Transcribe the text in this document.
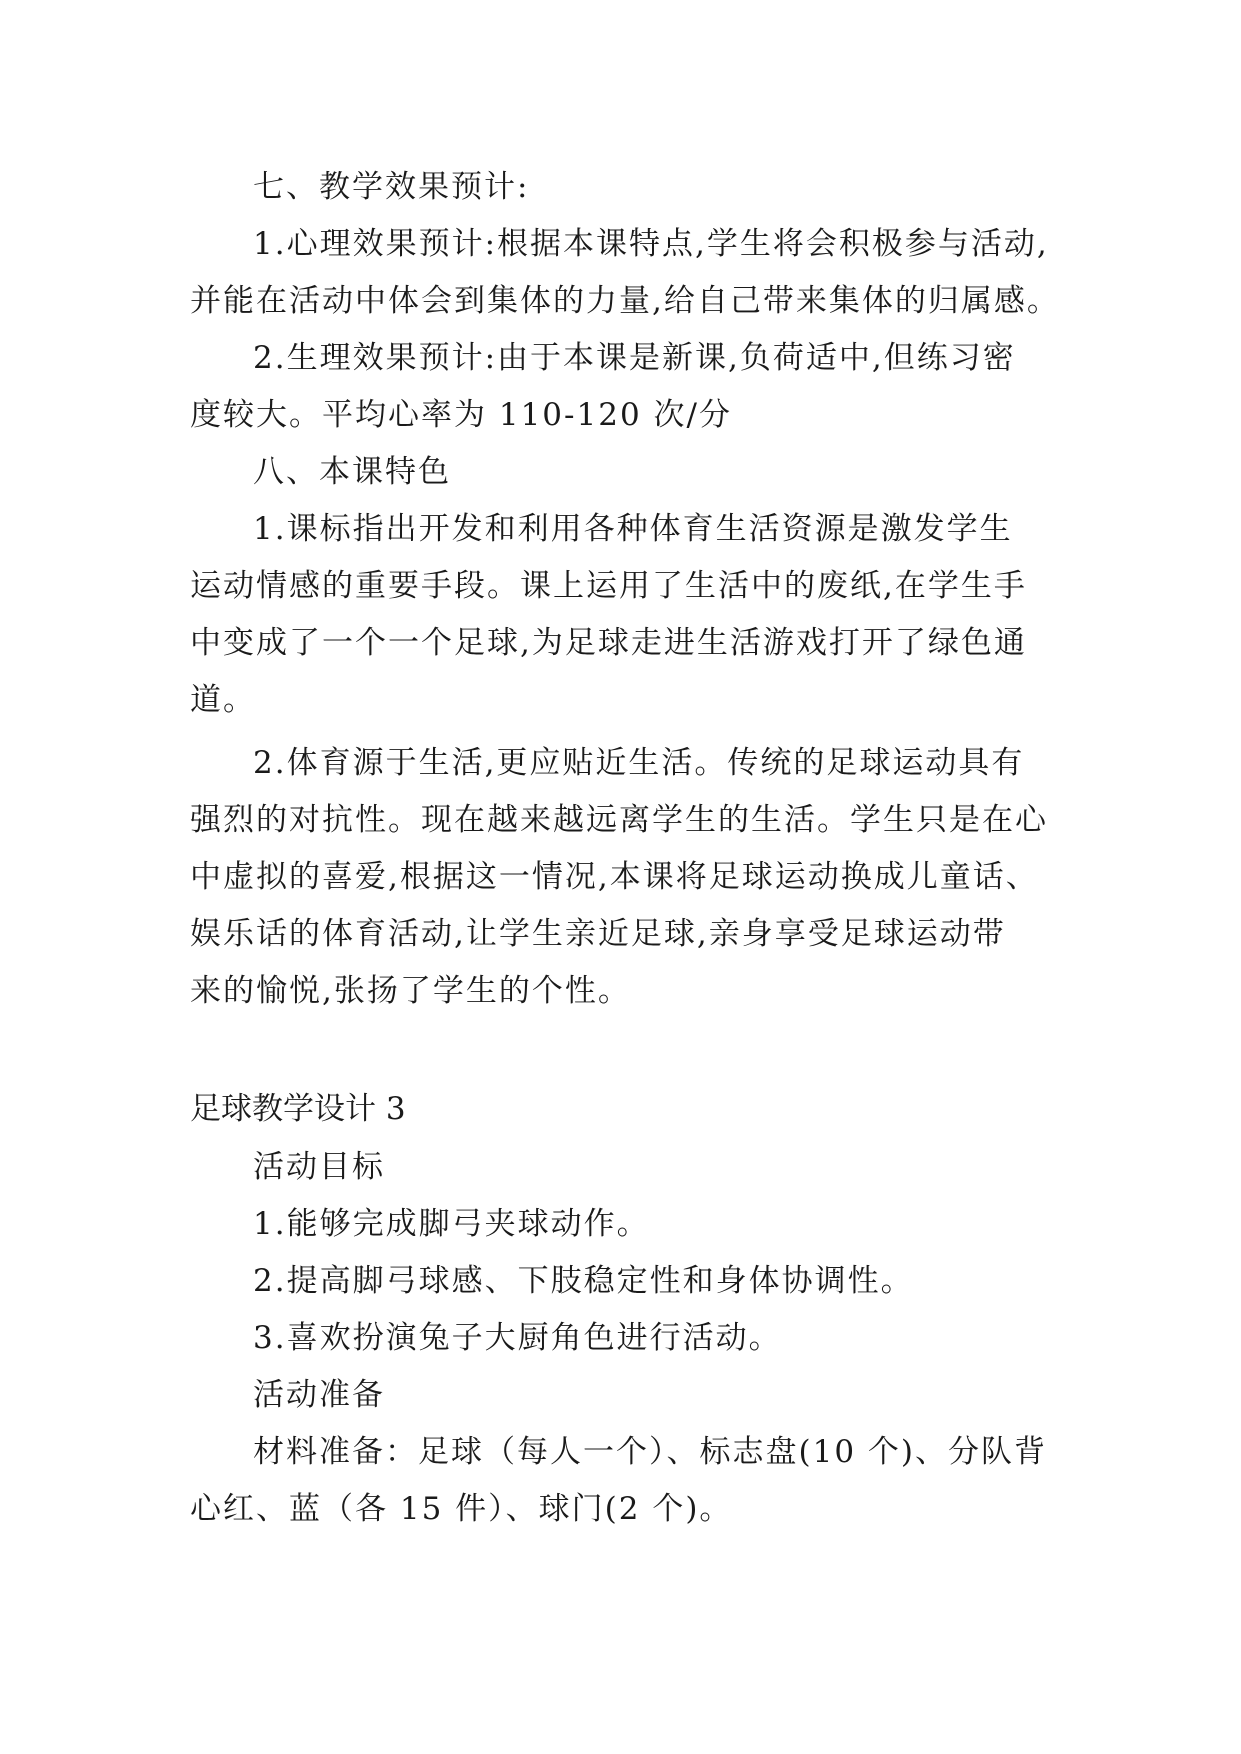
七、教学效果预计:
1.心理效果预计:根据本课特点,学生将会积极参与活动,
并能在活动中体会到集体的力量,给自己带来集体的归属感。
2.生理效果预计:由于本课是新课,负荷适中,但练习密
度较大。平均心率为 110-120 次/分
八、本课特色
1.课标指出开发和利用各种体育生活资源是激发学生
运动情感的重要手段。课上运用了生活中的废纸,在学生手
中变成了一个一个足球,为足球走进生活游戏打开了绿色通
道。
2.体育源于生活,更应贴近生活。传统的足球运动具有
强烈的对抗性。现在越来越远离学生的生活。学生只是在心
中虚拟的喜爱,根据这一情况,本课将足球运动换成儿童话、
娱乐话的体育活动,让学生亲近足球,亲身享受足球运动带
来的愉悦,张扬了学生的个性。
足球教学设计 3
活动目标
1.能够完成脚弓夹球动作。
2.提高脚弓球感、下肢稳定性和身体协调性。
3.喜欢扮演兔子大厨角色进行活动。
活动准备
材料准备：足球（每人一个）、标志盘(10 个)、分队背
心红、蓝（各 15 件）、球门(2 个)。
